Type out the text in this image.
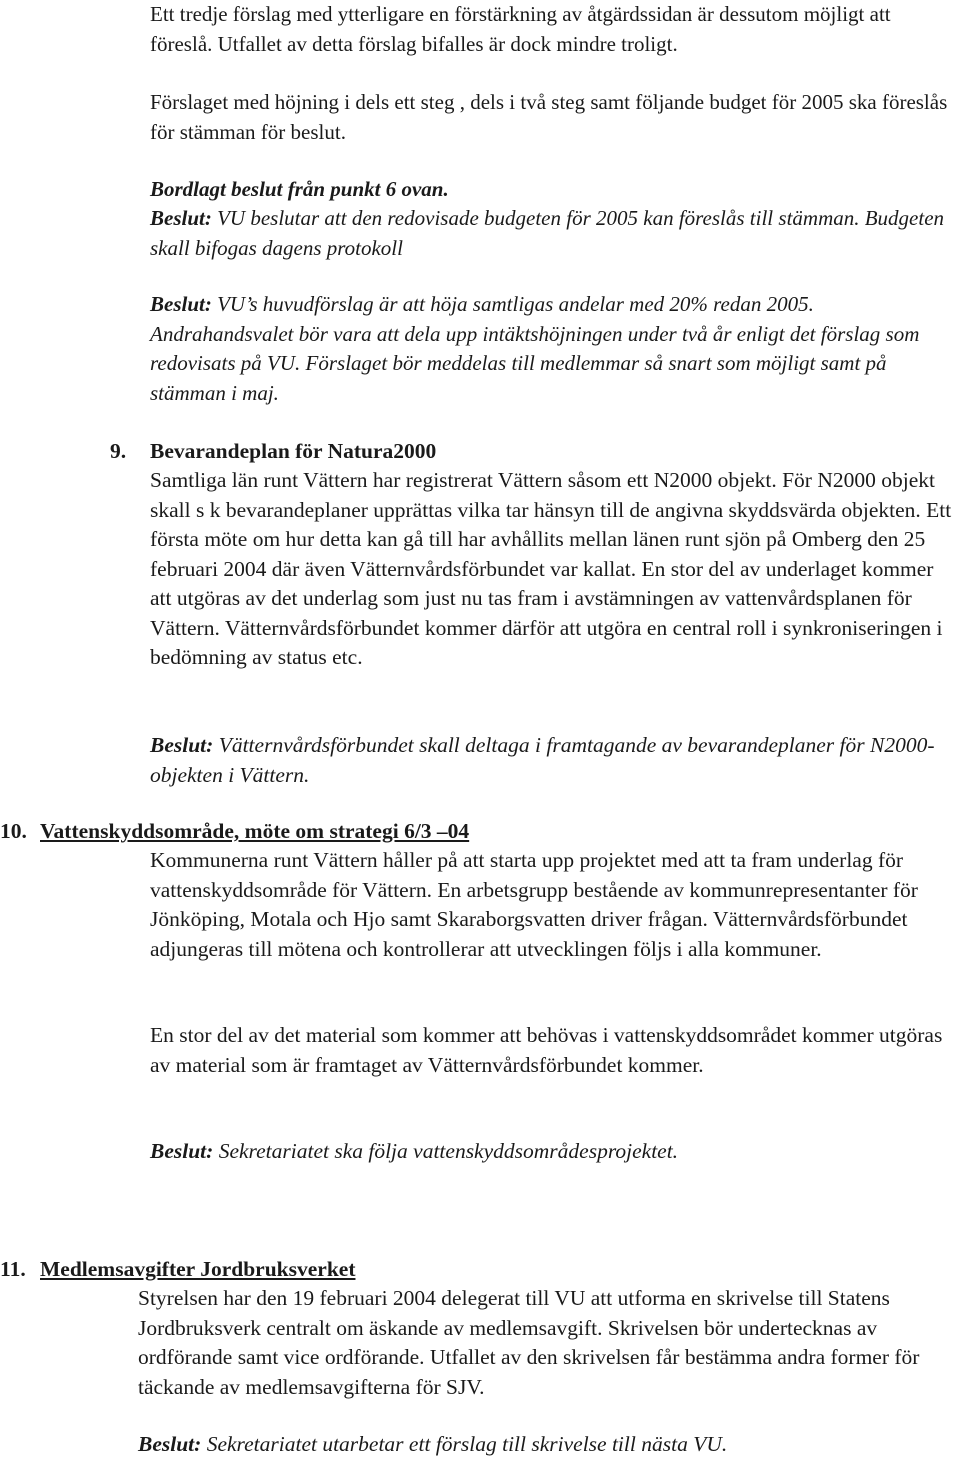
Ett tredje förslag med ytterligare en förstärkning av åtgärdssidan är dessutom möjligt att föreslå. Utfallet av detta förslag bifalles är dock mindre troligt.

Förslaget med höjning i dels ett steg , dels i två steg samt följande budget för 2005 ska föreslås för stämman för beslut.

Bordlagt beslut från punkt 6 ovan.

Beslut: VU beslutar att den redovisade budgeten för 2005 kan föreslås till stämman. Budgeten skall bifogas dagens protokoll

Beslut: VU’s huvudförslag är att höja samtligas andelar med 20% redan 2005. Andrahandsvalet bör vara att dela upp intäktshöjningen under två år enligt det förslag som redovisats på VU. Förslaget bör meddelas till medlemmar så snart som möjligt samt på stämman i maj.

9. Bevarandeplan för Natura2000

Samtliga län runt Vättern har registrerat Vättern såsom ett N2000 objekt. För N2000 objekt skall s k bevarandeplaner upprättas vilka tar hänsyn till de angivna skyddsvärda objekten. Ett första möte om hur detta kan gå till har avhållits mellan länen runt sjön på Omberg den 25 februari 2004 där även Vätternvårdsförbundet var kallat. En stor del av underlaget kommer att utgöras av det underlag som just nu tas fram i avstämningen av vattenvårdsplanen för Vättern. Vätternvårdsförbundet kommer därför att utgöra en central roll i synkroniseringen i bedömning av status etc.

Beslut: Vätternvårdsförbundet skall deltaga i framtagande av bevarandeplaner för N2000-objekten i Vättern.

10. Vattenskyddsområde, möte om strategi 6/3 –04

Kommunerna runt Vättern håller på att starta upp projektet med att ta fram underlag för vattenskyddsområde för Vättern. En arbetsgrupp bestående av kommunrepresentanter för Jönköping, Motala och Hjo samt Skaraborgsvatten driver frågan. Vätternvårdsförbundet adjungeras till mötena och kontrollerar att utvecklingen följs i alla kommuner.

En stor del av det material som kommer att behövas i vattenskyddsområdet kommer utgöras av material som är framtaget av Vätternvårdsförbundet kommer.

Beslut: Sekretariatet ska följa vattenskyddsområdesprojektet.

11. Medlemsavgifter Jordbruksverket

Styrelsen har den 19 februari 2004 delegerat till VU att utforma en skrivelse till Statens Jordbruksverk centralt om äskande av medlemsavgift. Skrivelsen bör undertecknas av ordförande samt vice ordförande. Utfallet av den skrivelsen får bestämma andra former för täckande av medlemsavgifterna för SJV.

Beslut: Sekretariatet utarbetar ett förslag till skrivelse till nästa VU.
